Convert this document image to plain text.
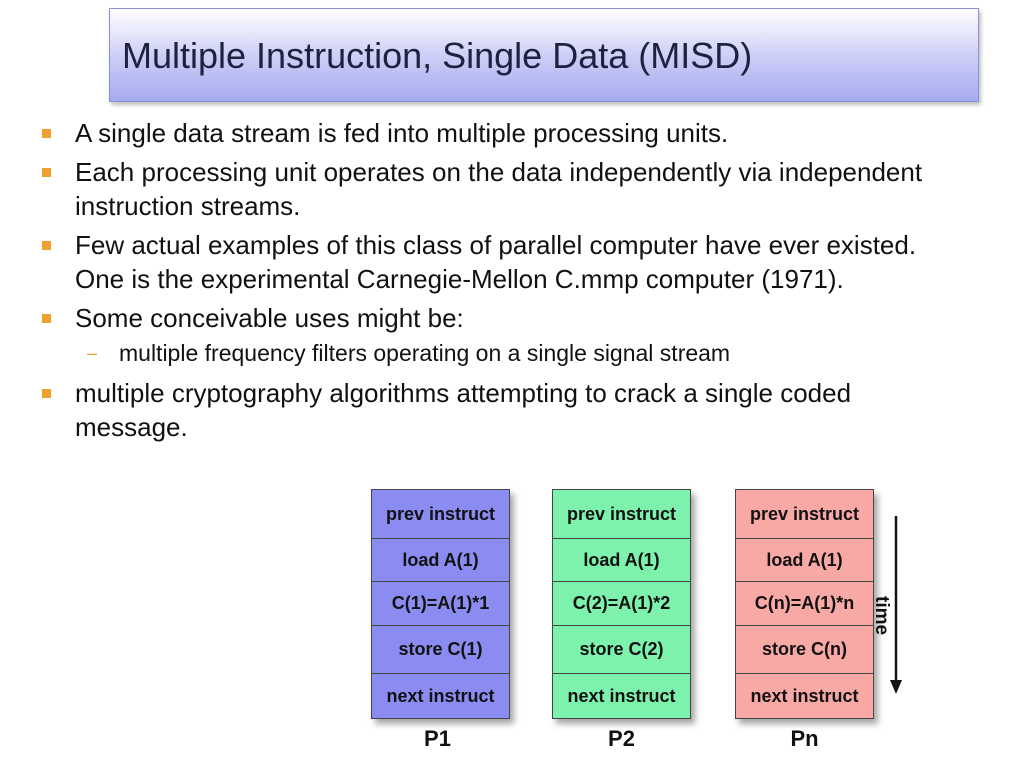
Multiple Instruction, Single Data (MISD)
A single data stream is fed into multiple processing units.
Each processing unit operates on the data independently via independent instruction streams.
Few actual examples of this class of parallel computer have ever existed. One is the experimental Carnegie-Mellon C.mmp computer (1971).
Some conceivable uses might be:
– multiple frequency filters operating on a single signal stream
multiple cryptography algorithms attempting to crack a single coded message.
prev instruct
load A(1)
C(1)=A(1)*1
store C(1)
next instruct
P1
prev instruct
load A(1)
C(2)=A(1)*2
store C(2)
next instruct
P2
prev instruct
load A(1)
C(n)=A(1)*n
store C(n)
next instruct
Pn
time
